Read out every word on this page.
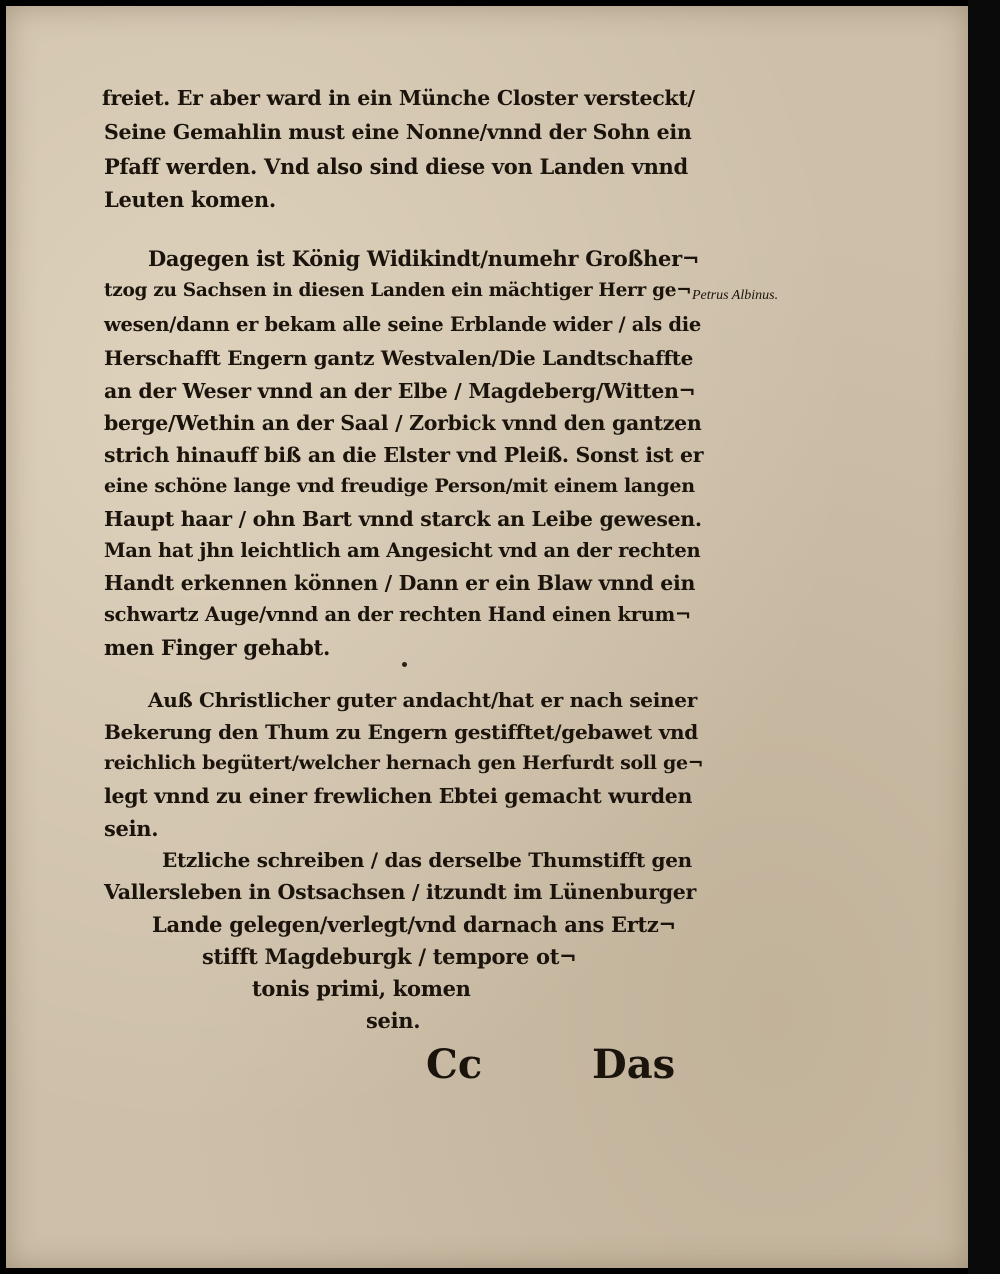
freiet. Er aber ward in ein Münche Closter versteckt/
Seine Gemahlin must eine Nonne/vnnd der Sohn ein
Pfaff werden. Vnd also sind diese von Landen vnnd
Leuten komen.
Dagegen ist König Widikindt/numehr Großher¬
tzog zu Sachsen in diesen Landen ein mächtiger Herr ge¬ Petrus Albinus.
wesen/dann er bekam alle seine Erblande wider / als die
Herschafft Engern gantz Westvalen/Die Landtschaffte
an der Weser vnnd an der Elbe / Magdeberg/Witten¬
berge/Wethin an der Saal / Zorbick vnnd den gantzen
strich hinauff biß an die Elster vnd Pleiß. Sonst ist er
eine schöne lange vnd freudige Person/mit einem langen
Haupt haar / ohn Bart vnnd starck an Leibe gewesen.
Man hat jhn leichtlich am Angesicht vnd an der rechten
Handt erkennen können / Dann er ein Blaw vnnd ein
schwartz Auge/vnnd an der rechten Hand einen krum¬
men Finger gehabt.
Auß Christlicher guter andacht/hat er nach seiner
Bekerung den Thum zu Engern gestifftet/gebawet vnd
reichlich begütert/welcher hernach gen Herfurdt soll ge¬
legt vnnd zu einer frewlichen Ebtei gemacht wurden
sein.
Etzliche schreiben / das derselbe Thumstifft gen
Vallersleben in Ostsachsen / itzundt im Lünenburger
Lande gelegen/verlegt/vnd darnach ans Ertz¬
stifft Magdeburgk / tempore ot¬
tonis primi, komen
sein.
Cc	Das
